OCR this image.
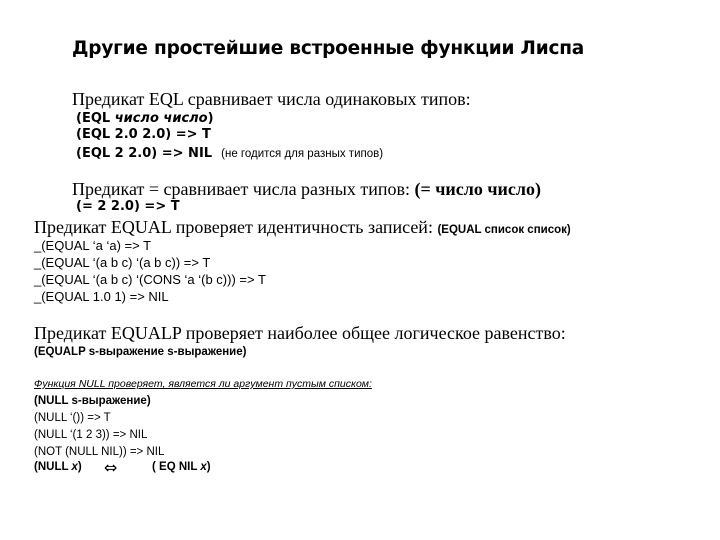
Другие простейшие встроенные функции Лиспа
Предикат EQL сравнивает числа одинаковых типов:
(EQL число число)
(EQL 2.0 2.0) => T
(EQL 2 2.0) => NIL (не годится для разных типов)
Предикат = сравнивает числа разных типов: (= число число)
(= 2 2.0) => T
Предикат EQUAL проверяет идентичность записей: (EQUAL список список)
_(EQUAL ‘a ‘a) => T
_(EQUAL ‘(a b c) ‘(a b c)) => T
_(EQUAL ‘(a b c) ‘(CONS ‘a ‘(b c))) => T
_(EQUAL 1.0 1) => NIL
Предикат EQUALP проверяет наиболее общее логическое равенство:
(EQUALP s-выражение s-выражение)
Функция NULL проверяет, является ли аргумент пустым списком:
(NULL s-выражение)
(NULL ‘()) => T
(NULL ‘(1 2 3)) => NIL
(NOT (NULL NIL)) => NIL
(NULL x) ⇔	( EQ NIL x)
